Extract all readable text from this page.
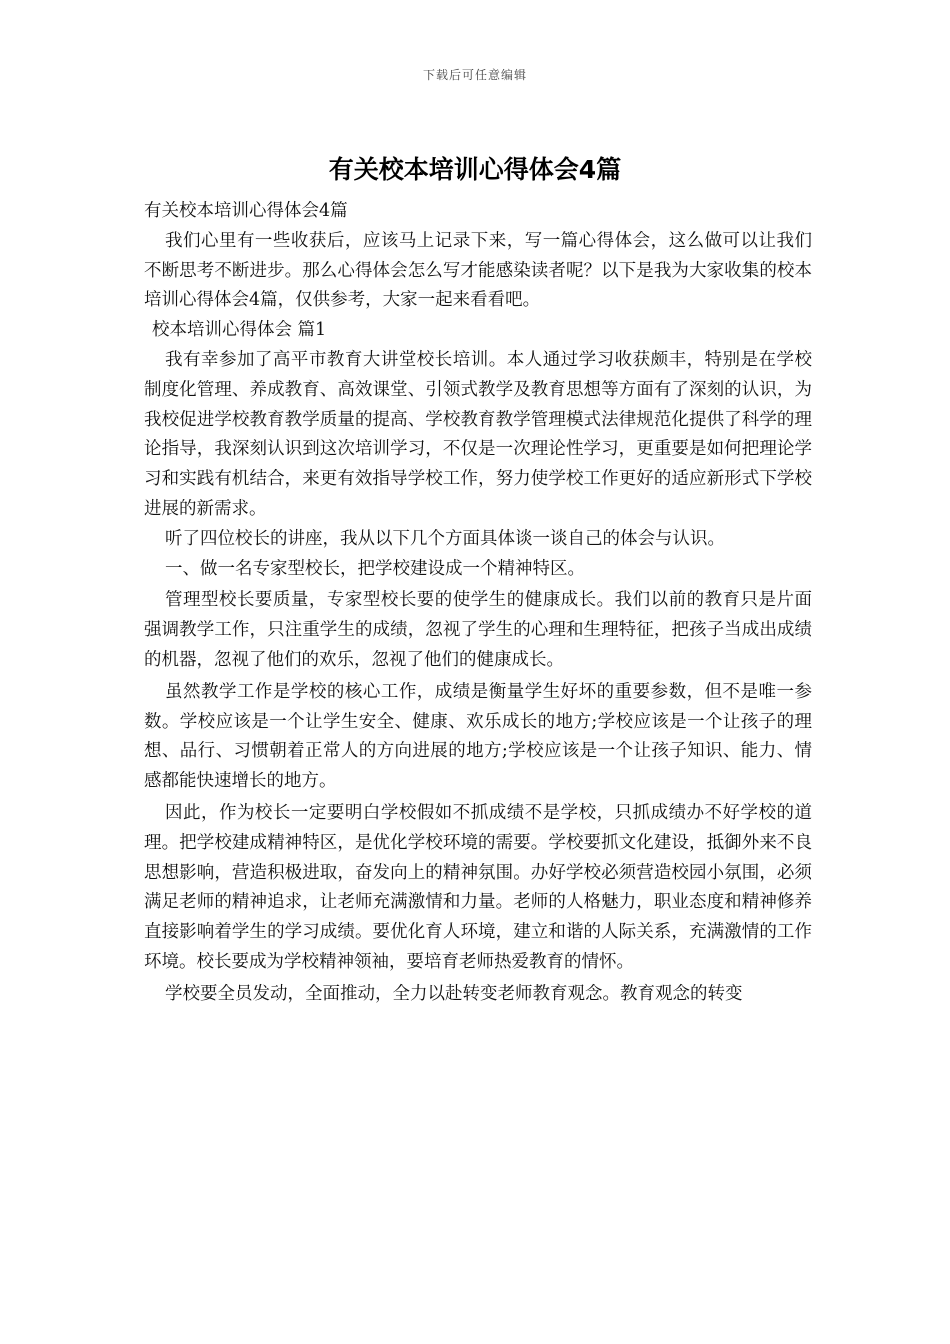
下载后可任意编辑
有关校本培训心得体会4篇

有关校本培训心得体会4篇

我们心里有一些收获后，应该马上记录下来，写一篇心得体会，这么做可以让我们不断思考不断进步。那么心得体会怎么写才能感染读者呢？以下是我为大家收集的校本培训心得体会4篇，仅供参考，大家一起来看看吧。

校本培训心得体会 篇1

我有幸参加了高平市教育大讲堂校长培训。本人通过学习收获颇丰，特别是在学校制度化管理、养成教育、高效课堂、引领式教学及教育思想等方面有了深刻的认识，为我校促进学校教育教学质量的提高、学校教育教学管理模式法律规范化提供了科学的理论指导，我深刻认识到这次培训学习，不仅是一次理论性学习，更重要是如何把理论学习和实践有机结合，来更有效指导学校工作，努力使学校工作更好的适应新形式下学校进展的新需求。

听了四位校长的讲座，我从以下几个方面具体谈一谈自己的体会与认识。

一、做一名专家型校长，把学校建设成一个精神特区。

管理型校长要质量，专家型校长要的使学生的健康成长。我们以前的教育只是片面强调教学工作，只注重学生的成绩，忽视了学生的心理和生理特征，把孩子当成出成绩的机器，忽视了他们的欢乐，忽视了他们的健康成长。

虽然教学工作是学校的核心工作，成绩是衡量学生好坏的重要参数，但不是唯一参数。学校应该是一个让学生安全、健康、欢乐成长的地方;学校应该是一个让孩子的理想、品行、习惯朝着正常人的方向进展的地方;学校应该是一个让孩子知识、能力、情感都能快速增长的地方。

因此，作为校长一定要明白学校假如不抓成绩不是学校，只抓成绩办不好学校的道理。把学校建成精神特区，是优化学校环境的需要。学校要抓文化建设，抵御外来不良思想影响，营造积极进取，奋发向上的精神氛围。办好学校必须营造校园小氛围，必须满足老师的精神追求，让老师充满激情和力量。老师的人格魅力，职业态度和精神修养直接影响着学生的学习成绩。要优化育人环境，建立和谐的人际关系，充满激情的工作环境。校长要成为学校精神领袖，要培育老师热爱教育的情怀。

学校要全员发动，全面推动，全力以赴转变老师教育观念。教育观念的转变
